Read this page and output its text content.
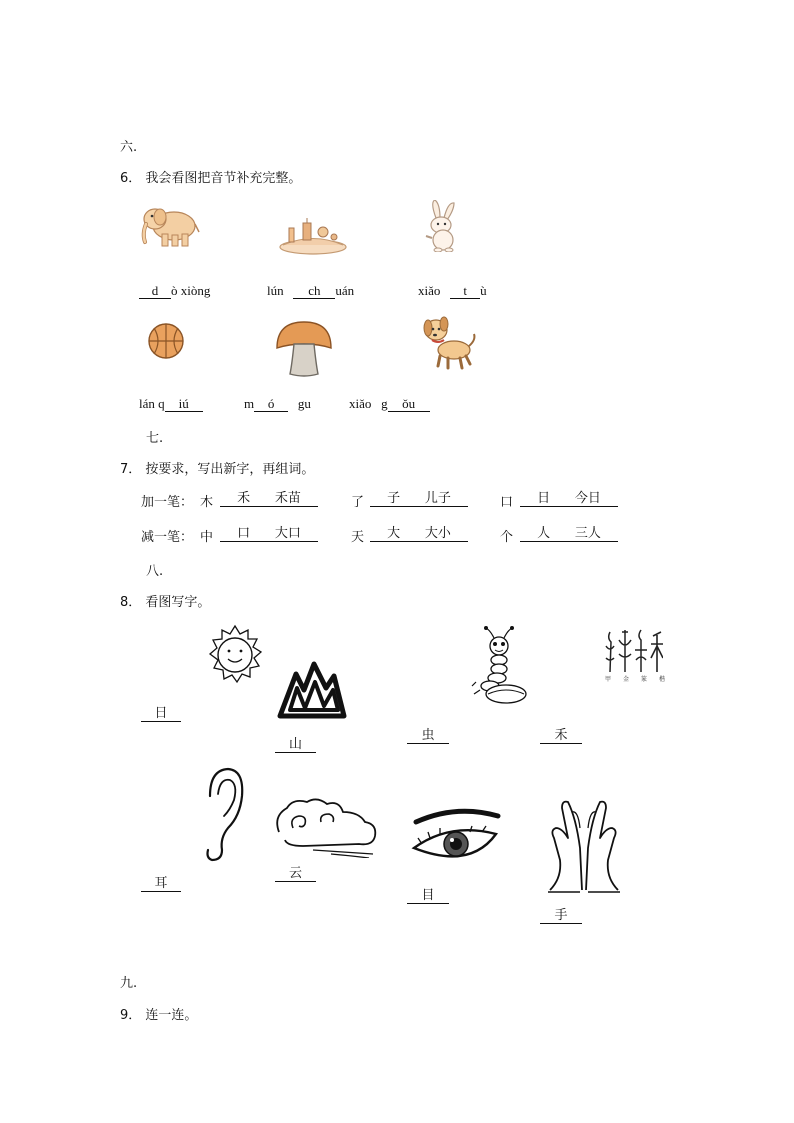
六.
6． 我会看图把音节补充完整。
d ò xiòng	lún   ch uán	xiǎo   t ù
lán q iú	m ó   gu	xiǎo   g ǒu
七.
7． 按要求，写出新字，再组词。
加一笔： 木	禾 禾苗	了	子 儿子	口	日 今日
减一笔： 中	口 大口	天	大 大小	个	人 三人
八.
8． 看图写字。
日
山
虫
甲 金 篆 楷
禾
耳
云
目
手
九.
9． 连一连。
